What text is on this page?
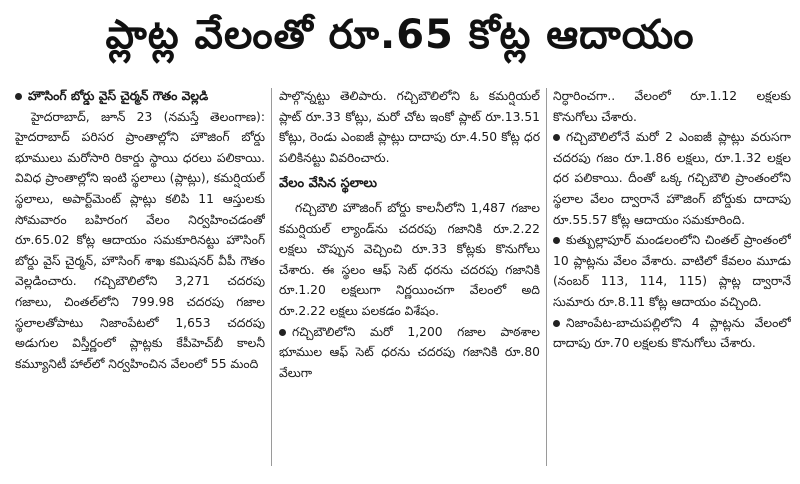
ప్లాట్ల వేలంతో రూ.65 కోట్ల ఆదాయం

హౌసింగ్ బోర్డు వైస్ చైర్మన్ గౌతం వెల్లడి

హైదరాబాద్, జూన్ 23 (నమస్తే తెలంగాణ): హైదరాబాద్ పరిసర ప్రాంతాల్లోని హౌజింగ్ బోర్డు భూములు మరోసారి రికార్డు స్థాయి ధరలు పలికాయి. వివిధ ప్రాంతాల్లోని ఇంటి స్థలాలు (ప్లాట్లు), కమర్షియల్ స్థలాలు, అపార్ట్‌మెంట్ ప్లాట్లు కలిపి 11 ఆస్తులకు సోమవారం బహిరంగ వేలం నిర్వహించడంతో రూ.65.02 కోట్ల ఆదాయం సమకూరినట్టు హౌసింగ్ బోర్డు వైస్ చైర్మన్, హౌసింగ్ శాఖ కమిషనర్ వీపీ గౌతం వెల్లడించారు. గచ్చిబౌలిలోని 3,271 చదరపు గజాలు, చింతల్‌లోని 799.98 చదరపు గజాల స్థలాలతోపాటు నిజాంపేటలో 1,653 చదరపు అడుగుల విస్తీర్ణంలో ప్లాట్లకు కేపీహెచ్‌బీ కాలనీ కమ్యూనిటీ హాల్‌లో నిర్వహించిన వేలంలో 55 మంది

పాల్గొన్నట్టు తెలిపారు. గచ్చిబౌలిలోని ఓ కమర్షియల్ ప్లాట్ రూ.33 కోట్లు, మరో చోట ఇంకో ప్లాట్ రూ.13.51 కోట్లు, రెండు ఎంఐజీ ప్లాట్లు దాదాపు రూ.4.50 కోట్ల ధర పలికినట్టు వివరించారు.

వేలం వేసిన స్థలాలు

గచ్చిబౌలి హౌజింగ్ బోర్డు కాలనీలోని 1,487 గజాల కమర్షియల్ ల్యాండ్‌ను చదరపు గజానికి రూ.2.22 లక్షలు చొప్పున వెచ్చించి రూ.33 కోట్లకు కొనుగోలు చేశారు. ఈ స్థలం ఆఫ్ సెట్ ధరను చదరపు గజానికి రూ.1.20 లక్షలుగా నిర్ణయించగా వేలంలో అది రూ.2.22 లక్షలు పలకడం విశేషం.

గచ్చిబౌలిలోని మరో 1,200 గజాల పాఠశాల భూముల ఆఫ్ సెట్ ధరను చదరపు గజానికి రూ.80 వేలుగా

నిర్ధారించగా.. వేలంలో రూ.1.12 లక్షలకు కొనుగోలు చేశారు.

గచ్చిబౌలిలోనే మరో 2 ఎంఐజీ ప్లాట్లు వరుసగా చదరపు గజం రూ.1.86 లక్షలు, రూ.1.32 లక్షల ధర పలికాయి. దీంతో ఒక్క గచ్చిబౌలి ప్రాంతంలోని స్థలాల వేలం ద్వారానే హౌజింగ్ బోర్డుకు దాదాపు రూ.55.57 కోట్ల ఆదాయం సమకూరింది.

కుత్బుల్లాపూర్ మండలంలోని చింతల్ ప్రాంతంలో 10 ప్లాట్లను వేలం వేశారు. వాటిలో కేవలం మూడు (నంబర్ 113, 114, 115) ప్లాట్ల ద్వారానే సుమారు రూ.8.11 కోట్ల ఆదాయం వచ్చింది.

నిజాంపేట-బాచుపల్లిలోని 4 ప్లాట్లను వేలంలో దాదాపు రూ.70 లక్షలకు కొనుగోలు చేశారు.
